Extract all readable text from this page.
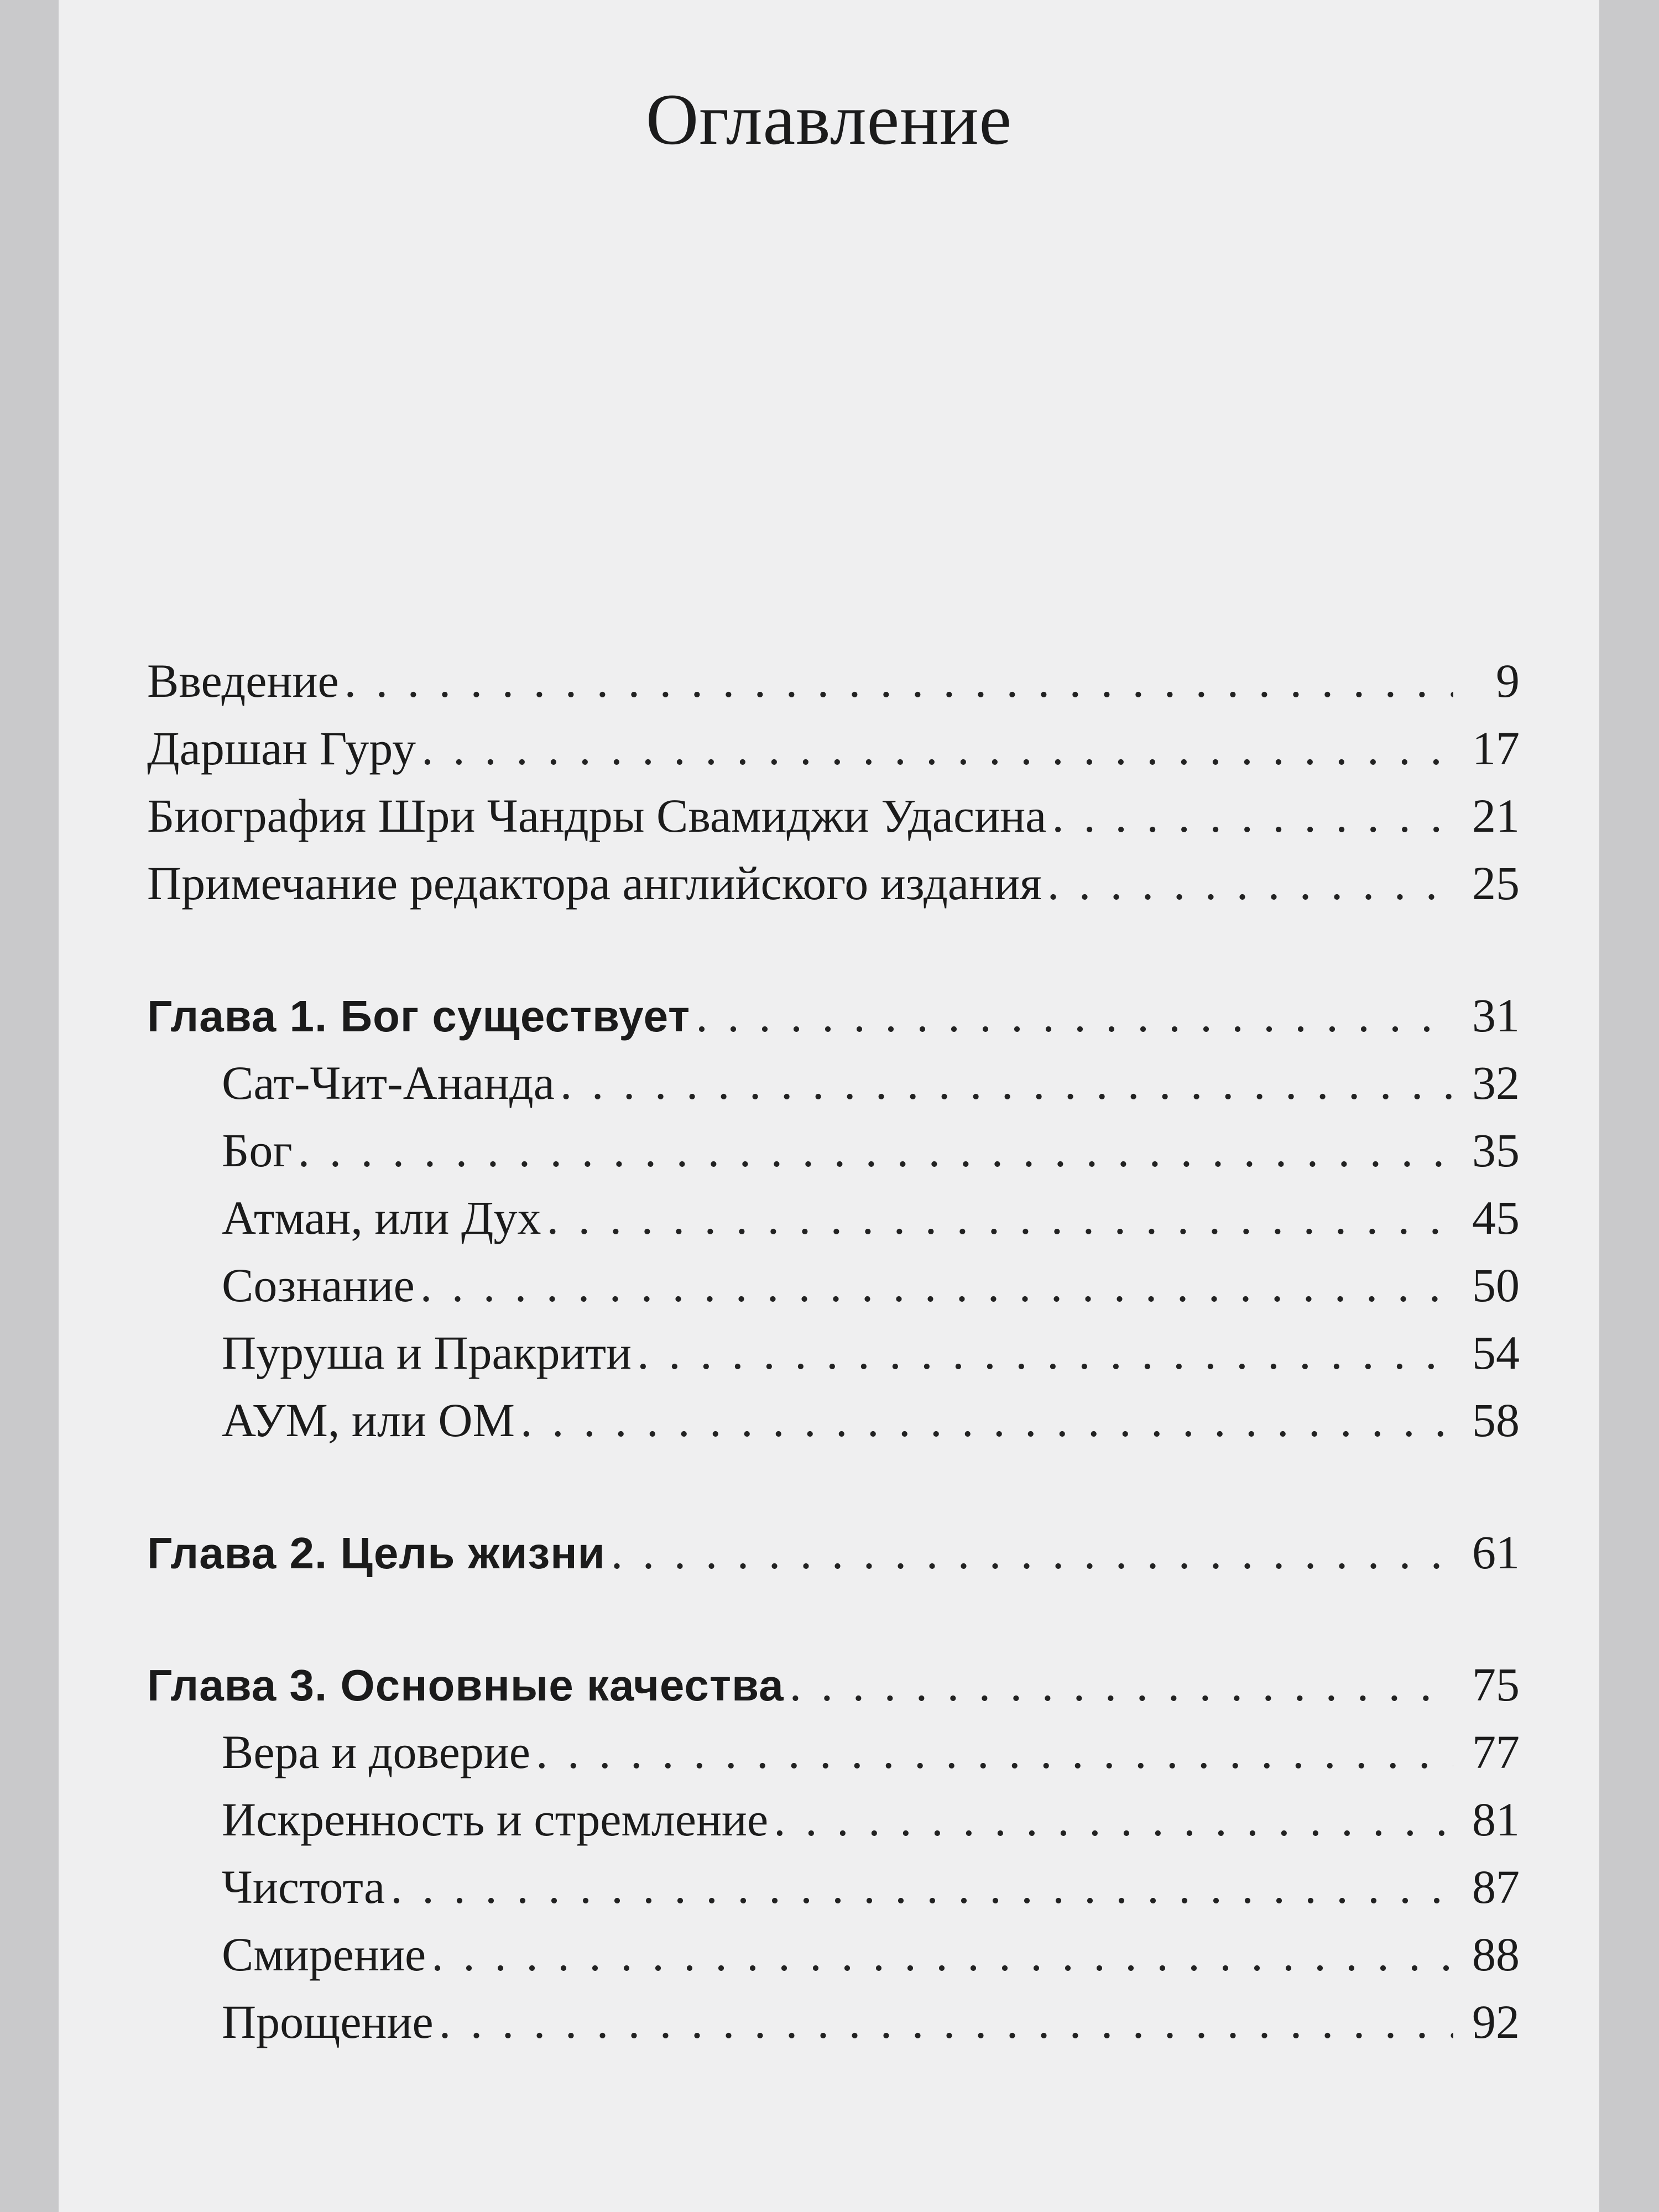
Оглавление
Введение . . .	9
Даршан Гуру . . .	17
Биография Шри Чандры Свамиджи Удасина . . .	21
Примечание редактора английского издания . . .	25
Глава 1. Бог существует . . .	31
Сат-Чит-Ананда . . .	32
Бог . . .	35
Атман, или Дух . . .	45
Сознание . . .	50
Пуруша и Пракрити . . .	54
АУМ, или ОМ . . .	58
Глава 2. Цель жизни . . .	61
Глава 3. Основные качества . . .	75
Вера и доверие . . .	77
Искренность и стремление . . .	81
Чистота . . .	87
Смирение . . .	88
Прощение . . .	92
